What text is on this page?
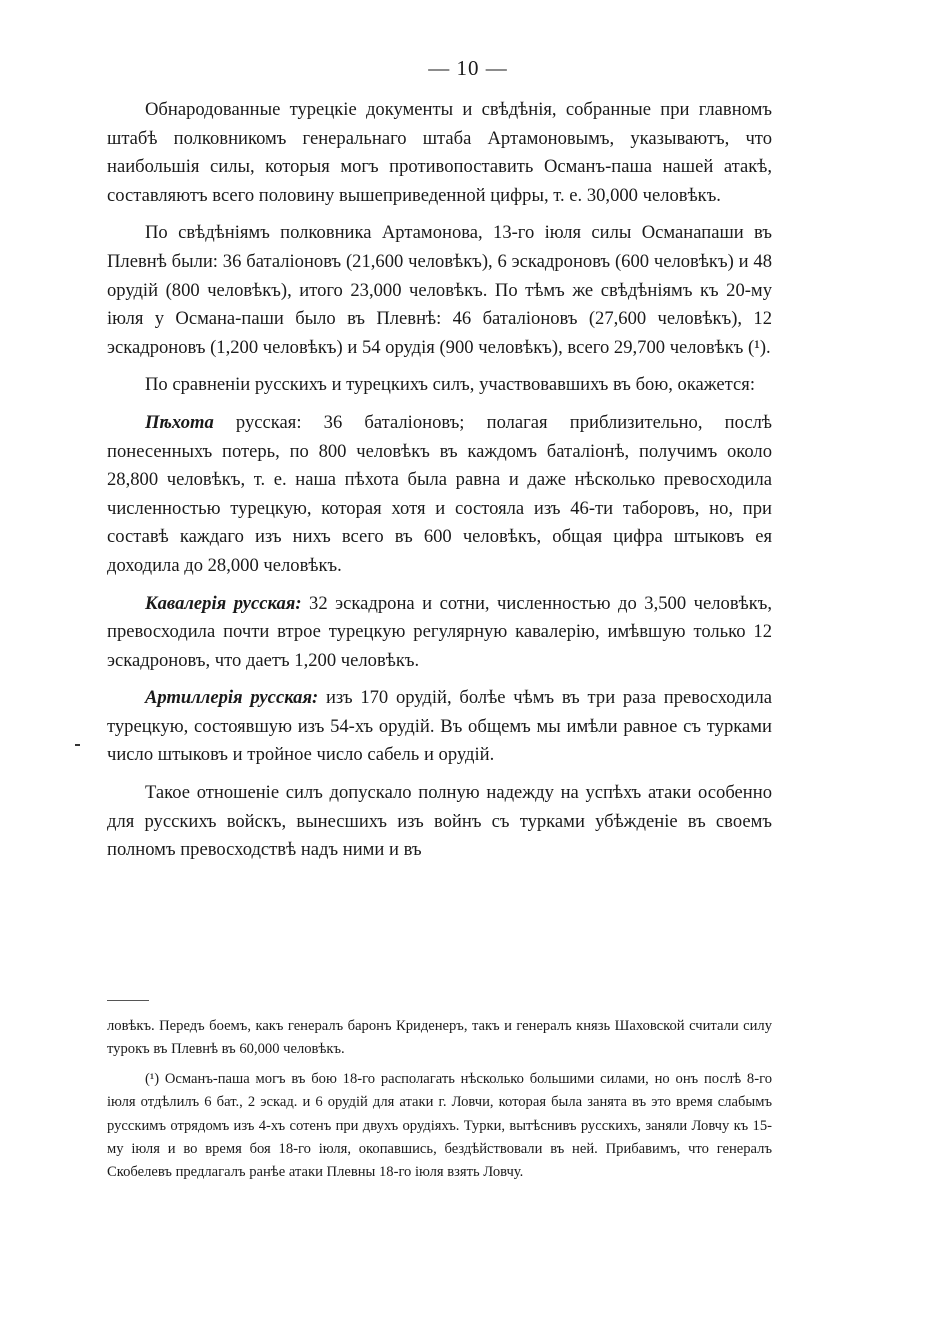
— 10 —

Обнародованные турецкіе документы и свѣдѣнія, собранные при главномъ штабѣ полковникомъ генеральнаго штаба Артамоновымъ, указываютъ, что наибольшія силы, которыя могъ противопоставить Османъ-паша нашей атакѣ, составляютъ всего половину вышеприведенной цифры, т. е. 30,000 человѣкъ.

По свѣдѣніямъ полковника Артамонова, 13-го іюля силы Османапаши въ Плевнѣ были: 36 баталіоновъ (21,600 человѣкъ), 6 эскадроновъ (600 человѣкъ) и 48 орудій (800 человѣкъ), итого 23,000 человѣкъ. По тѣмъ же свѣдѣніямъ къ 20-му іюля у Османа-паши было въ Плевнѣ: 46 баталіоновъ (27,600 человѣкъ), 12 эскадроновъ (1,200 человѣкъ) и 54 орудія (900 человѣкъ), всего 29,700 человѣкъ (¹).

По сравненіи русскихъ и турецкихъ силъ, участвовавшихъ въ бою, окажется:

Пѣхота русская: 36 баталіоновъ; полагая приблизительно, послѣ понесенныхъ потерь, по 800 человѣкъ въ каждомъ баталіонѣ, получимъ около 28,800 человѣкъ, т. е. наша пѣхота была равна и даже нѣсколько превосходила численностью турецкую, которая хотя и состояла изъ 46-ти таборовъ, но, при составѣ каждаго изъ нихъ всего въ 600 человѣкъ, общая цифра штыковъ ея доходила до 28,000 человѣкъ.

Кавалерія русская: 32 эскадрона и сотни, численностью до 3,500 человѣкъ, превосходила почти втрое турецкую регулярную кавалерію, имѣвшую только 12 эскадроновъ, что даетъ 1,200 человѣкъ.

Артиллерія русская: изъ 170 орудій, болѣе чѣмъ въ три раза превосходила турецкую, состоявшую изъ 54-хъ орудій. Въ общемъ мы имѣли равное съ турками число штыковъ и тройное число сабель и орудій.

Такое отношеніе силъ допускало полную надежду на успѣхъ атаки особенно для русскихъ войскъ, вынесшихъ изъ войнъ съ турками убѣжденіе въ своемъ полномъ превосходствѣ надъ ними и въ

ловѣкъ. Передъ боемъ, какъ генералъ баронъ Криденеръ, такъ и генералъ князь Шаховской считали силу турокъ въ Плевнѣ въ 60,000 человѣкъ.

(¹) Османъ-паша могъ въ бою 18-го располагать нѣсколько большими силами, но онъ послѣ 8-го іюля отдѣлилъ 6 бат., 2 эскад. и 6 орудій для атаки г. Ловчи, которая была занята въ это время слабымъ русскимъ отрядомъ изъ 4-хъ сотенъ при двухъ орудіяхъ. Турки, вытѣснивъ русскихъ, заняли Ловчу къ 15-му іюля и во время боя 18-го іюля, окопавшись, бездѣйствовали въ ней. Прибавимъ, что генералъ Скобелевъ предлагалъ ранѣе атаки Плевны 18-го іюля взять Ловчу.
